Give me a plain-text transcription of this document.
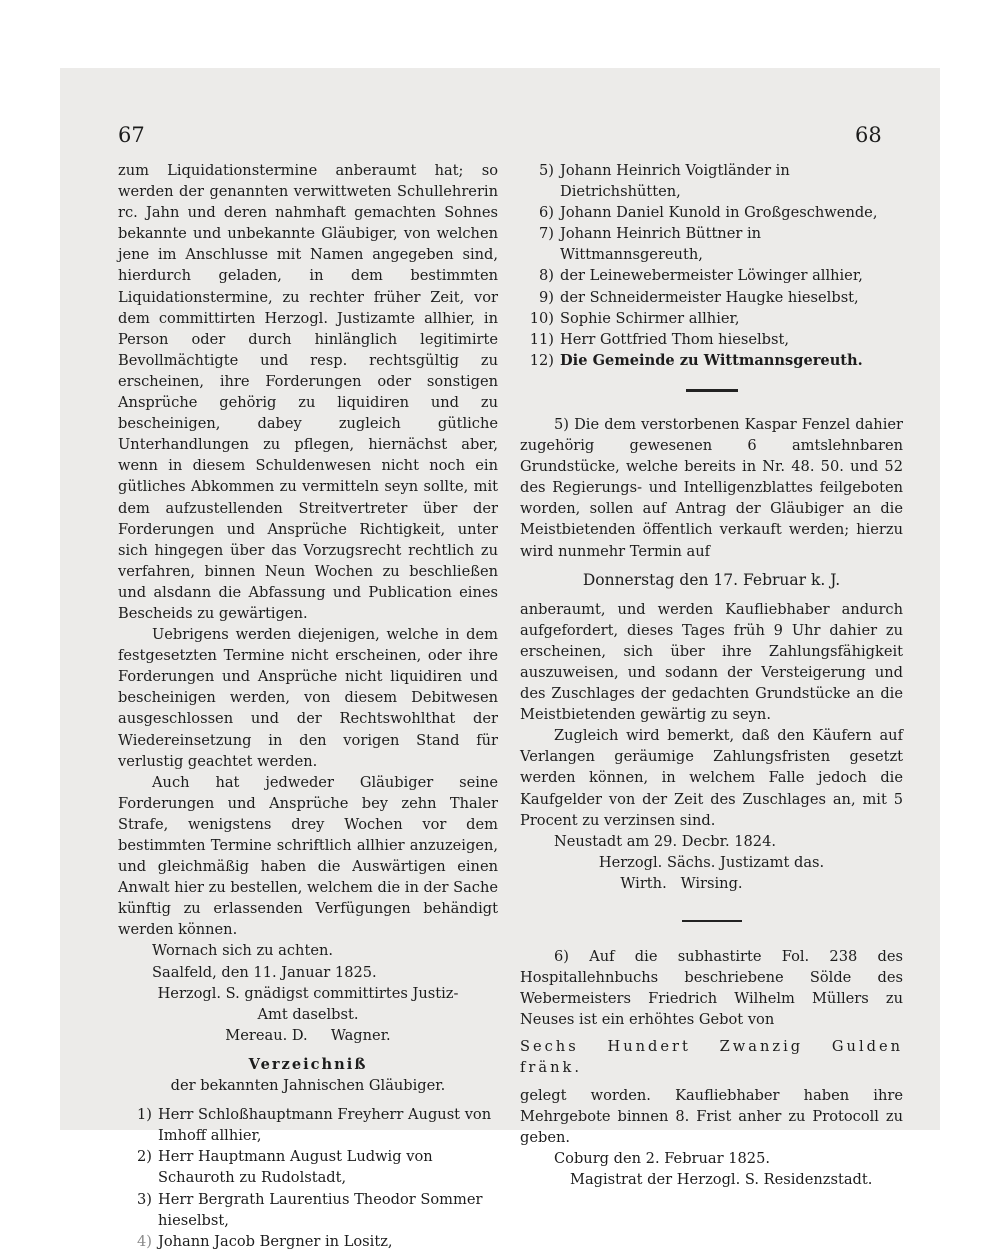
67	68

zum Liquidationstermine anberaumt hat; so werden der genannten verwittweten Schullehrerin rc. Jahn und deren nahmhaft gemachten Sohnes bekannte und unbekannte Gläubiger, von welchen jene im Anschlusse mit Namen angegeben sind, hierdurch geladen, in dem bestimmten Liquidationstermine, zu rechter früher Zeit, vor dem committirten Herzogl. Justizamte allhier, in Person oder durch hinlänglich legitimirte Bevollmächtigte und resp. rechtsgültig zu erscheinen, ihre Forderungen oder sonstigen Ansprüche gehörig zu liquidiren und zu bescheinigen, dabey zugleich gütliche Unterhandlungen zu pflegen, hiernächst aber, wenn in diesem Schuldenwesen nicht noch ein gütliches Abkommen zu vermitteln seyn sollte, mit dem aufzustellenden Streitvertreter über der Forderungen und Ansprüche Richtigkeit, unter sich hingegen über das Vorzugsrecht rechtlich zu verfahren, binnen Neun Wochen zu beschließen und alsdann die Abfassung und Publication eines Bescheids zu gewärtigen.

Uebrigens werden diejenigen, welche in dem festgesetzten Termine nicht erscheinen, oder ihre Forderungen und Ansprüche nicht liquidiren und bescheinigen werden, von diesem Debitwesen ausgeschlossen und der Rechtswohlthat der Wiedereinsetzung in den vorigen Stand für verlustig geachtet werden.

Auch hat jedweder Gläubiger seine Forderungen und Ansprüche bey zehn Thaler Strafe, wenigstens drey Wochen vor dem bestimmten Termine schriftlich allhier anzuzeigen, und gleichmäßig haben die Auswärtigen einen Anwalt hier zu bestellen, welchem die in der Sache künftig zu erlassenden Verfügungen behändigt werden können.

Wornach sich zu achten.

Saalfeld, den 11. Januar 1825.

Herzogl. S. gnädigst committirtes Justiz-

Amt daselbst.

Mereau. D.     Wagner.

Verzeichniß

der bekannten Jahnischen Gläubiger.

1) Herr Schloßhauptmann Freyherr August von Imhoff allhier,
2) Herr Hauptmann August Ludwig von Schauroth zu Rudolstadt,
3) Herr Bergrath Laurentius Theodor Sommer hieselbst,
4) Johann Jacob Bergner in Lositz,
5) Johann Heinrich Voigtländer in Dietrichshütten,
6) Johann Daniel Kunold in Großgeschwende,
7) Johann Heinrich Büttner in Wittmannsgereuth,
8) der Leinewebermeister Löwinger allhier,
9) der Schneidermeister Haugke hieselbst,
10) Sophie Schirmer allhier,
11) Herr Gottfried Thom hieselbst,
12) Die Gemeinde zu Wittmannsgereuth.

5) Die dem verstorbenen Kaspar Fenzel dahier zugehörig gewesenen 6 amtslehnbaren Grundstücke, welche bereits in Nr. 48. 50. und 52 des Regierungs- und Intelligenzblattes feilgeboten worden, sollen auf Antrag der Gläubiger an die Meistbietenden öffentlich verkauft werden; hierzu wird nunmehr Termin auf

Donnerstag den 17. Februar k. J.

anberaumt, und werden Kaufliebhaber andurch aufgefordert, dieses Tages früh 9 Uhr dahier zu erscheinen, sich über ihre Zahlungsfähigkeit auszuweisen, und sodann der Versteigerung und des Zuschlages der gedachten Grundstücke an die Meistbietenden gewärtig zu seyn.

Zugleich wird bemerkt, daß den Käufern auf Verlangen geräumige Zahlungsfristen gesetzt werden können, in welchem Falle jedoch die Kaufgelder von der Zeit des Zuschlages an, mit 5 Procent zu verzinsen sind.

Neustadt am 29. Decbr. 1824.

Herzogl. Sächs. Justizamt das.

Wirth.   Wirsing.

6) Auf die subhastirte Fol. 238 des Hospitallehnbuchs beschriebene Sölde des Webermeisters Friedrich Wilhelm Müllers zu Neuses ist ein erhöhtes Gebot von

Sechs Hundert Zwanzig Gulden fränk.

gelegt worden. Kaufliebhaber haben ihre Mehrgebote binnen 8. Frist anher zu Protocoll zu geben.

Coburg den 2. Februar 1825.

Magistrat der Herzogl. S. Residenzstadt.
